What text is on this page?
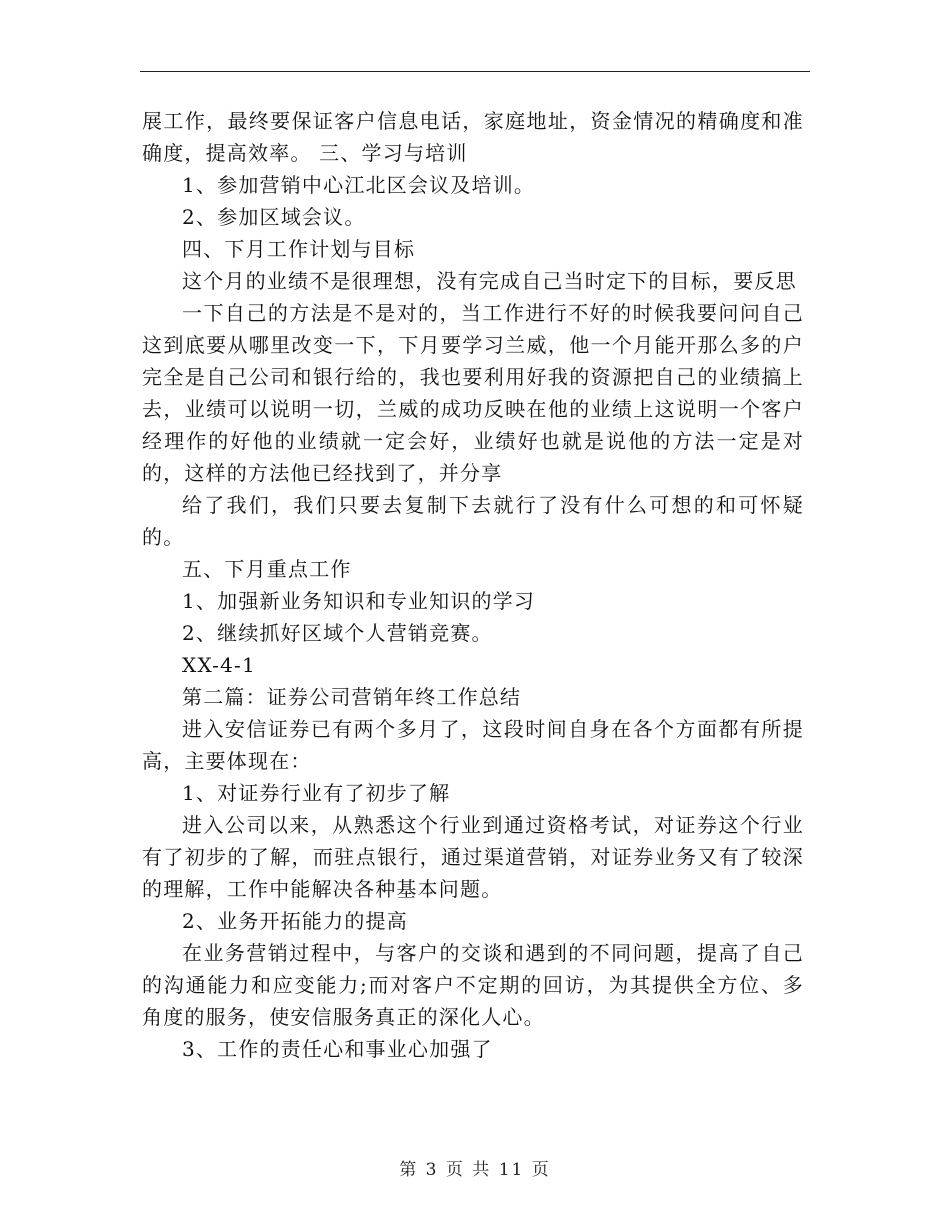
展工作，最终要保证客户信息电话，家庭地址，资金情况的精确度和准确度，提高效率。 三、学习与培训

1、参加营销中心江北区会议及培训。

2、参加区域会议。

四、下月工作计划与目标

这个月的业绩不是很理想，没有完成自己当时定下的目标，要反思

一下自己的方法是不是对的，当工作进行不好的时候我要问问自己这到底要从哪里改变一下，下月要学习兰威，他一个月能开那么多的户完全是自己公司和银行给的，我也要利用好我的资源把自己的业绩搞上去，业绩可以说明一切，兰威的成功反映在他的业绩上这说明一个客户经理作的好他的业绩就一定会好，业绩好也就是说他的方法一定是对的，这样的方法他已经找到了，并分享

给了我们，我们只要去复制下去就行了没有什么可想的和可怀疑的。

五、下月重点工作

1、加强新业务知识和专业知识的学习

2、继续抓好区域个人营销竞赛。

XX-4-1

第二篇：证券公司营销年终工作总结

进入安信证券已有两个多月了，这段时间自身在各个方面都有所提高，主要体现在：

1、对证券行业有了初步了解

进入公司以来，从熟悉这个行业到通过资格考试，对证券这个行业有了初步的了解，而驻点银行，通过渠道营销，对证券业务又有了较深的理解，工作中能解决各种基本问题。

2、业务开拓能力的提高

在业务营销过程中，与客户的交谈和遇到的不同问题，提高了自己的沟通能力和应变能力;而对客户不定期的回访，为其提供全方位、多角度的服务，使安信服务真正的深化人心。

3、工作的责任心和事业心加强了

第 3 页 共 11 页
